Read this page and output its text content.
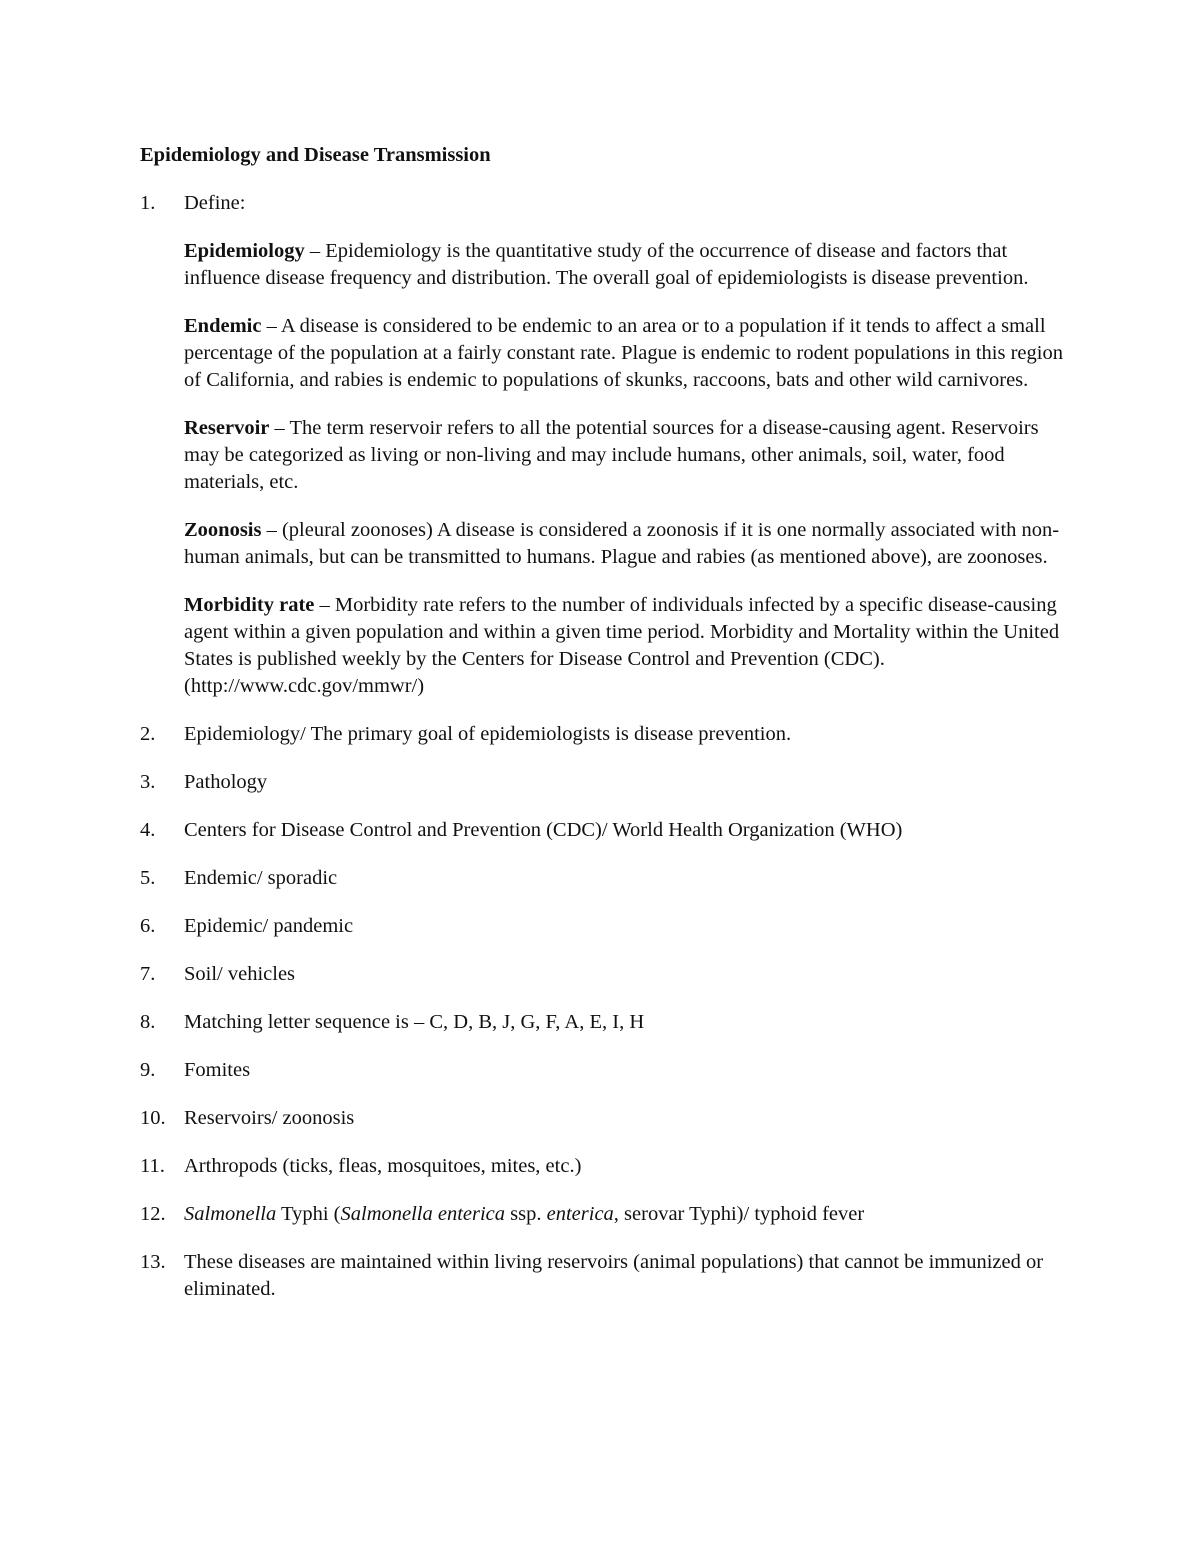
Epidemiology and Disease Transmission
1.	Define:
Epidemiology – Epidemiology is the quantitative study of the occurrence of disease and factors that influence disease frequency and distribution. The overall goal of epidemiologists is disease prevention.
Endemic – A disease is considered to be endemic to an area or to a population if it tends to affect a small percentage of the population at a fairly constant rate. Plague is endemic to rodent populations in this region of California, and rabies is endemic to populations of skunks, raccoons, bats and other wild carnivores.
Reservoir – The term reservoir refers to all the potential sources for a disease-causing agent. Reservoirs may be categorized as living or non-living and may include humans, other animals, soil, water, food materials, etc.
Zoonosis – (pleural zoonoses) A disease is considered a zoonosis if it is one normally associated with non-human animals, but can be transmitted to humans. Plague and rabies (as mentioned above), are zoonoses.
Morbidity rate – Morbidity rate refers to the number of individuals infected by a specific disease-causing agent within a given population and within a given time period. Morbidity and Mortality within the United States is published weekly by the Centers for Disease Control and Prevention (CDC). (http://www.cdc.gov/mmwr/)
2.	Epidemiology/ The primary goal of epidemiologists is disease prevention.
3.	Pathology
4.	Centers for Disease Control and Prevention (CDC)/ World Health Organization (WHO)
5.	Endemic/ sporadic
6.	Epidemic/ pandemic
7.	Soil/ vehicles
8.	Matching letter sequence is – C, D, B, J, G, F, A, E, I, H
9.	Fomites
10. Reservoirs/ zoonosis
11. Arthropods (ticks, fleas, mosquitoes, mites, etc.)
12. Salmonella Typhi (Salmonella enterica ssp. enterica, serovar Typhi)/ typhoid fever
13. These diseases are maintained within living reservoirs (animal populations) that cannot be immunized or eliminated.
